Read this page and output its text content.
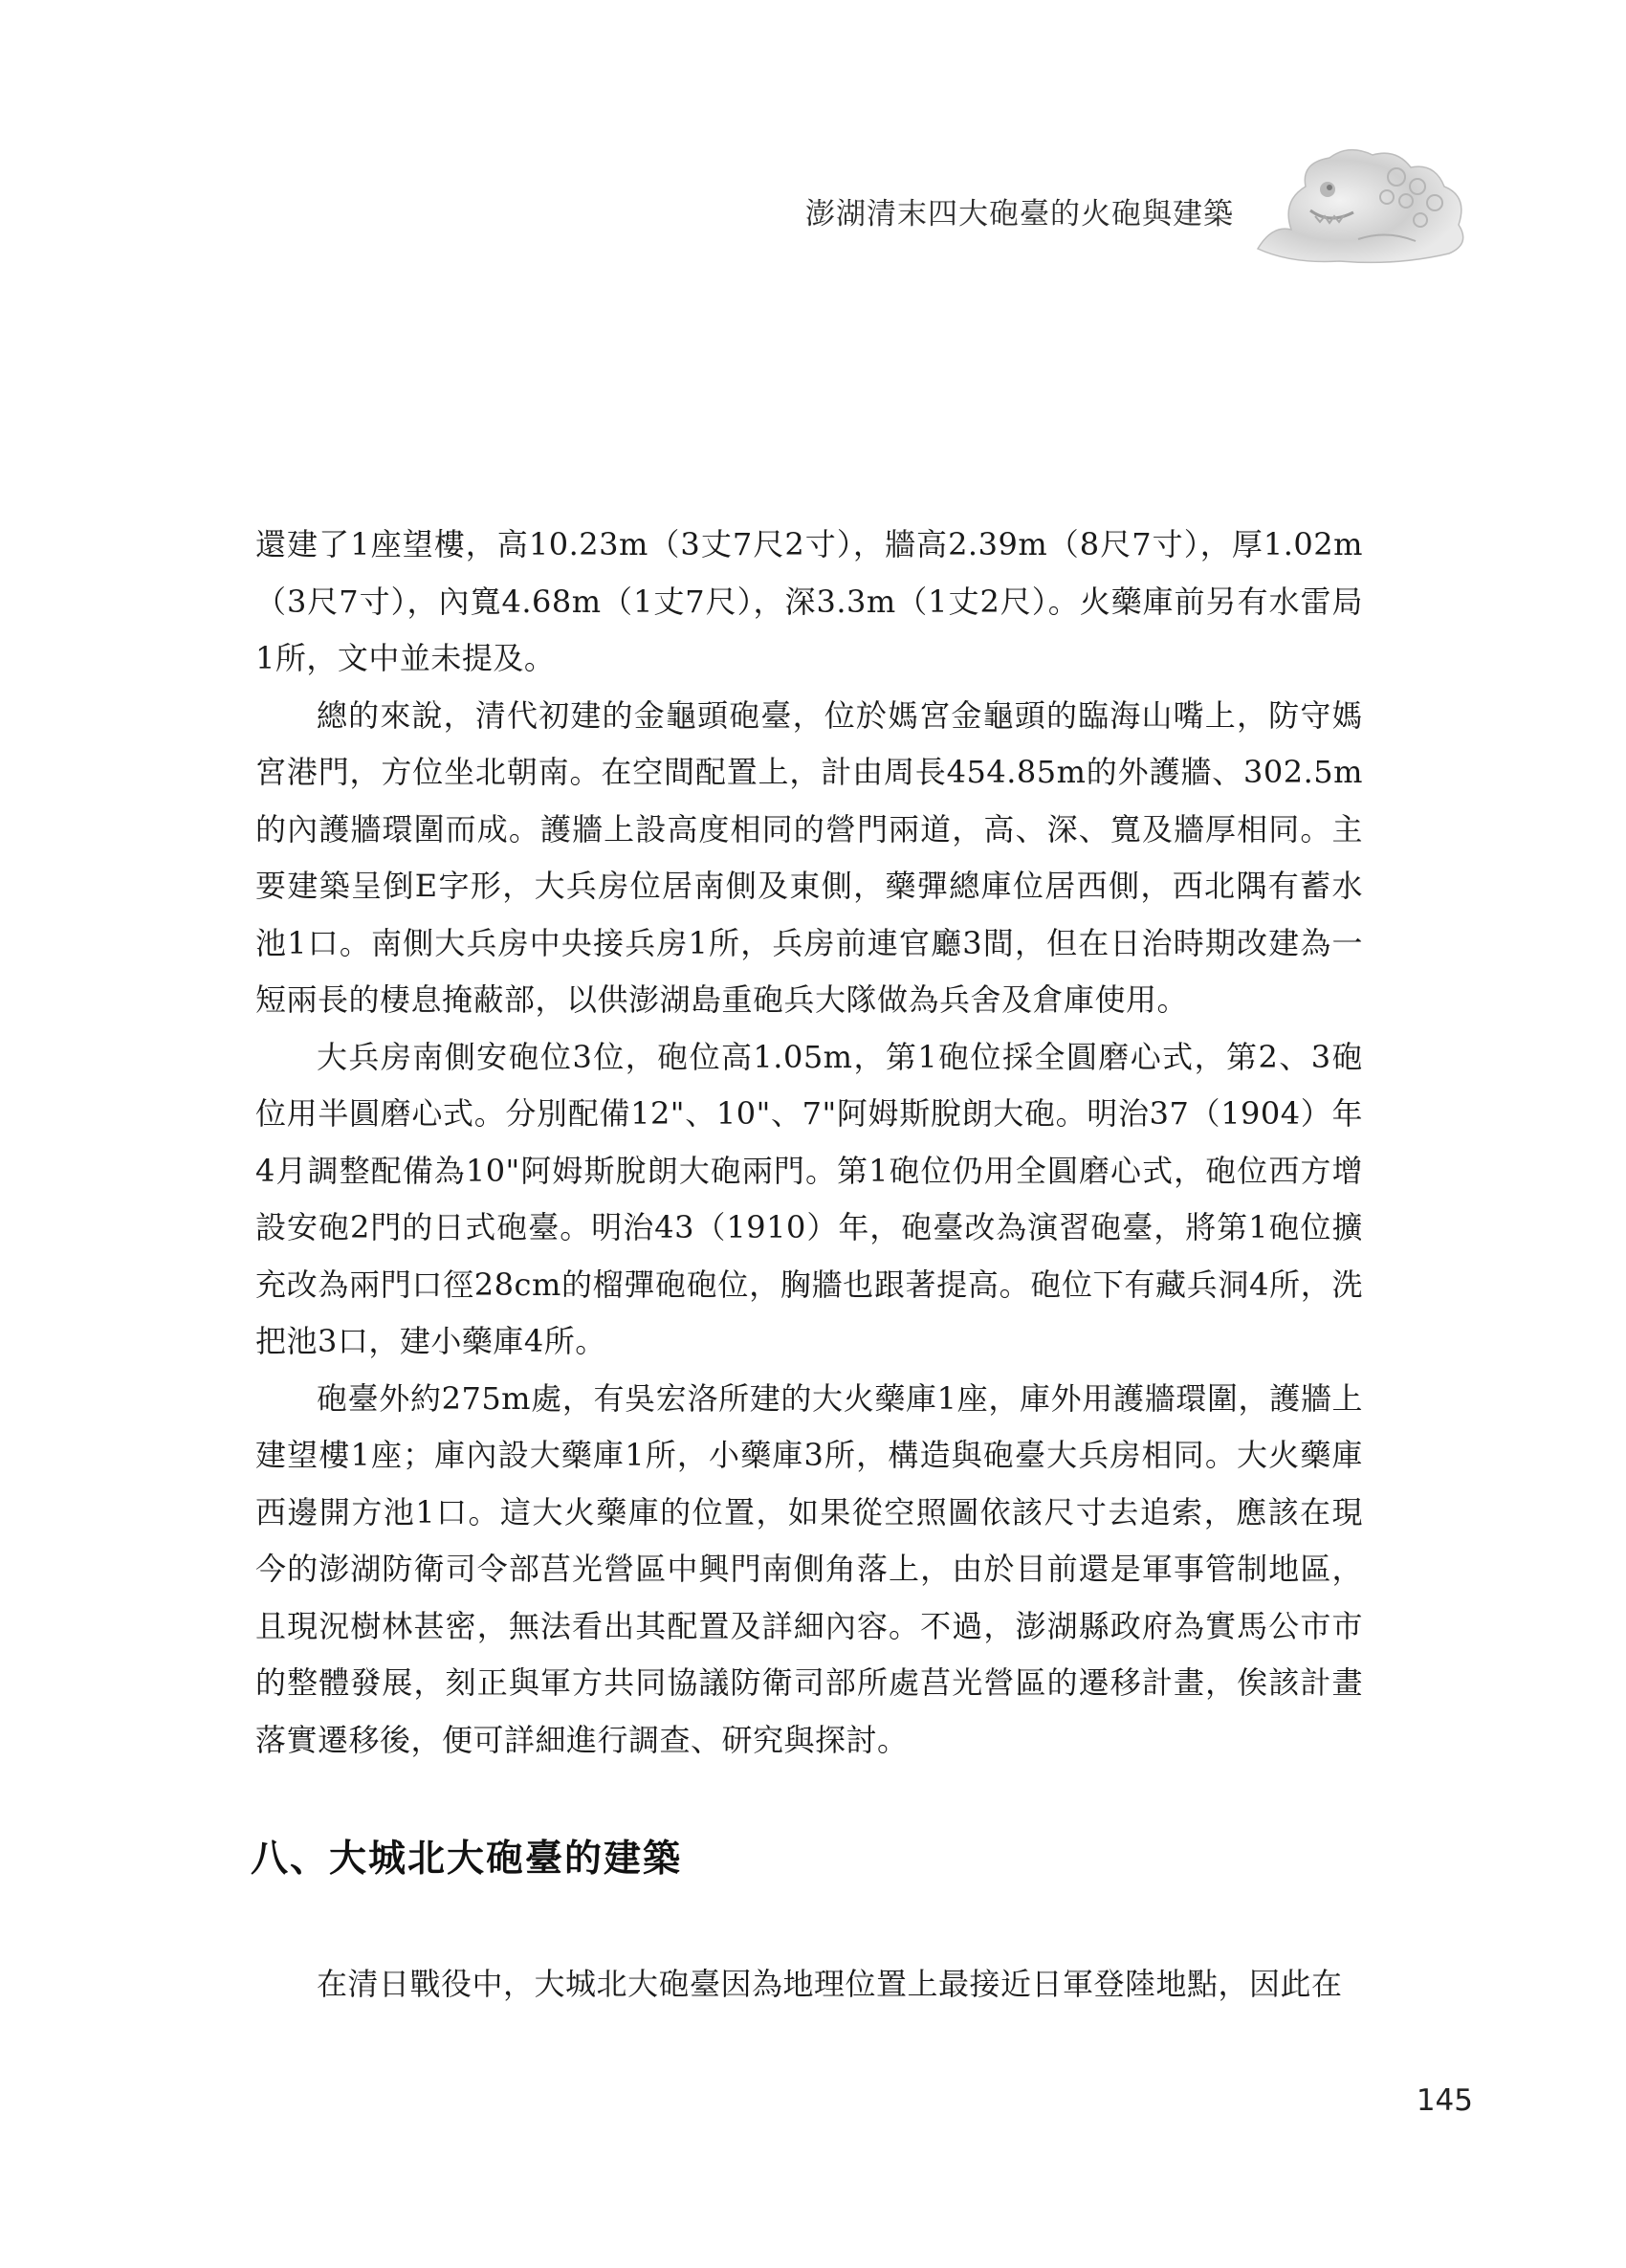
澎湖清末四大砲臺的火砲與建築

還建了1座望樓，高10.23m（3丈7尺2寸），牆高2.39m（8尺7寸），厚1.02m（3尺7寸），內寬4.68m（1丈7尺），深3.3m（1丈2尺）。火藥庫前另有水雷局1所，文中並未提及。

總的來說，清代初建的金龜頭砲臺，位於媽宮金龜頭的臨海山嘴上，防守媽宮港門，方位坐北朝南。在空間配置上，計由周長454.85m的外護牆、302.5m的內護牆環圍而成。護牆上設高度相同的營門兩道，高、深、寬及牆厚相同。主要建築呈倒E字形，大兵房位居南側及東側，藥彈總庫位居西側，西北隅有蓄水池1口。南側大兵房中央接兵房1所，兵房前連官廳3間，但在日治時期改建為一短兩長的棲息掩蔽部，以供澎湖島重砲兵大隊做為兵舍及倉庫使用。

大兵房南側安砲位3位，砲位高1.05m，第1砲位採全圓磨心式，第2、3砲位用半圓磨心式。分別配備12"、10"、7"阿姆斯脫朗大砲。明治37（1904）年4月調整配備為10"阿姆斯脫朗大砲兩門。第1砲位仍用全圓磨心式，砲位西方增設安砲2門的日式砲臺。明治43（1910）年，砲臺改為演習砲臺，將第1砲位擴充改為兩門口徑28cm的榴彈砲砲位，胸牆也跟著提高。砲位下有藏兵洞4所，洗把池3口，建小藥庫4所。

砲臺外約275m處，有吳宏洛所建的大火藥庫1座，庫外用護牆環圍，護牆上建望樓1座；庫內設大藥庫1所，小藥庫3所，構造與砲臺大兵房相同。大火藥庫西邊開方池1口。這大火藥庫的位置，如果從空照圖依該尺寸去追索，應該在現今的澎湖防衛司令部莒光營區中興門南側角落上，由於目前還是軍事管制地區，且現況樹林甚密，無法看出其配置及詳細內容。不過，澎湖縣政府為實馬公市市的整體發展，刻正與軍方共同協議防衛司部所處莒光營區的遷移計畫，俟該計畫落實遷移後，便可詳細進行調查、研究與探討。

八、大城北大砲臺的建築

在清日戰役中，大城北大砲臺因為地理位置上最接近日軍登陸地點，因此在

145
